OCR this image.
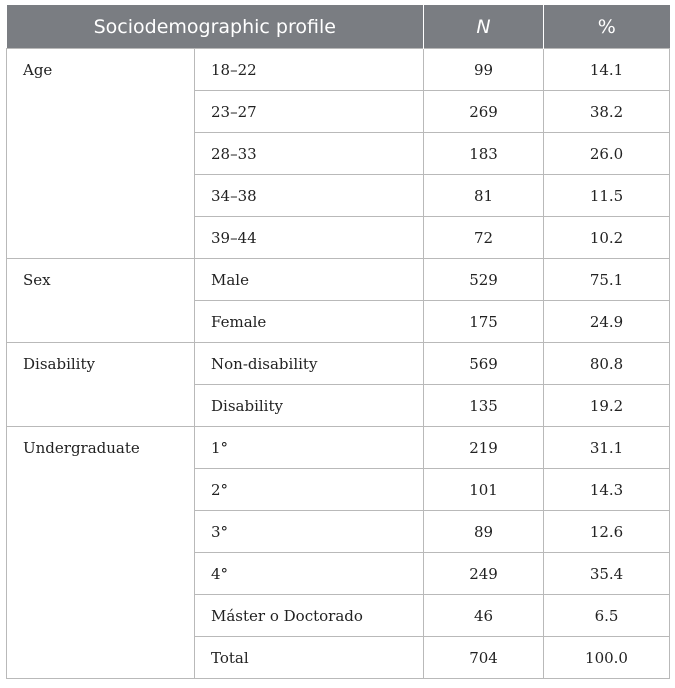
Sociodemographic profile		N	%
Age	18–22	99	14.1
	23–27	269	38.2
	28–33	183	26.0
	34–38	81	11.5
	39–44	72	10.2
Sex	Male	529	75.1
	Female	175	24.9
Disability	Non-disability	569	80.8
	Disability	135	19.2
Undergraduate	1°	219	31.1
	2°	101	14.3
	3°	89	12.6
	4°	249	35.4
	Máster o Doctorado	46	6.5
	Total	704	100.0
